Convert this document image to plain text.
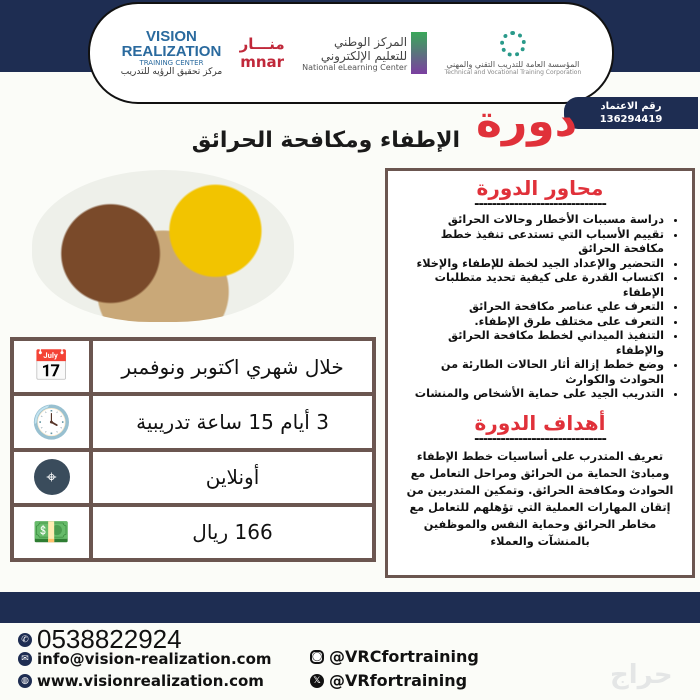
VISION
REALIZATION
TRAINING CENTER
مركز تحقيق الرؤيه للتدريب
منـــار
mnar
المركز الوطني
للتعليم الإلكتروني
National eLearning Center	المؤسسة العامة للتدريب التقني والمهني
Technical and Vocational Training Corporation
رقم الاعتماد
136294419
دورة
الإطفاء ومكافحة الحرائق
محاور الدورة
------------------------------
• دراسة مسببات الأخطار وحالات الحرائق
• تقييم الأسباب التي تستدعى تنفيذ خطط مكافحة الحرائق
• التحضير والإعداد الجيد لخطة للإطفاء والإخلاء
• اكتساب القدرة على كيفية تحديد متطلبات الإطفاء
• التعرف علي عناصر مكافحة الحرائق
• التعرف على مختلف طرق الإطفاء.
• التنفيذ الميداني لخطط مكافحة الحرائق والإطفاء
• وضع خطط إزالة أثار الحالات الطارئة من الحوادث والكوارث
• التدريب الجيد على حماية الأشخاص والمنشات
أهداف الدورة
------------------------------
تعريف المتدرب على أساسيات خطط الإطفاء ومبادئ الحماية من الحرائق ومراحل التعامل مع الحوادث ومكافحة الحرائق. وتمكين المتدربين من إتقان المهارات العملية التي تؤهلهم للتعامل مع مخاطر الحرائق وحماية النفس والموظفين بالمنشآت والعملاء
📅	خلال شهري اكتوبر ونوفمبر
🕓	3 أيام 15 ساعة تدريبية
⌖	أونلاين
💵	166 ريال
✆ 0538822924
✉ info@vision-realization.com
◍ www.visionrealization.com
◯ @VRCfortraining
𝕏 @VRfortraining	حراج
